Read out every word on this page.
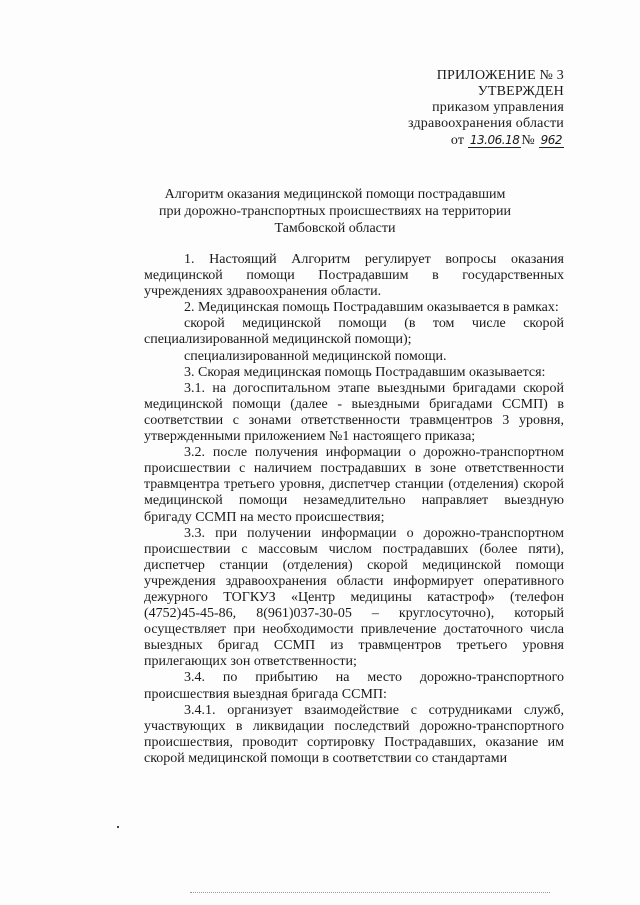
ПРИЛОЖЕНИЕ № 3
УТВЕРЖДЕН
приказом управления
здравоохранения области
от 13.06.18 № 962
Алгоритм оказания медицинской помощи пострадавшим
при дорожно-транспортных происшествиях на территории
Тамбовской области

1. Настоящий Алгоритм регулирует вопросы оказания медицинской помощи Пострадавшим в государственных учреждениях здравоохранения области.

2. Медицинская помощь Пострадавшим оказывается в рамках:

скорой медицинской помощи (в том числе скорой специализированной медицинской помощи);

специализированной медицинской помощи.

3. Скорая медицинская помощь Пострадавшим оказывается:

3.1. на догоспитальном этапе выездными бригадами скорой медицинской помощи (далее - выездными бригадами ССМП) в соответствии с зонами ответственности травмцентров 3 уровня, утвержденными приложением №1 настоящего приказа;

3.2. после получения информации о дорожно-транспортном происшествии с наличием пострадавших в зоне ответственности травмцентра третьего уровня, диспетчер станции (отделения) скорой медицинской помощи незамедлительно направляет выездную бригаду ССМП на место происшествия;

3.3. при получении информации о дорожно-транспортном происшествии с массовым числом пострадавших (более пяти), диспетчер станции (отделения) скорой медицинской помощи учреждения здравоохранения области информирует оперативного дежурного ТОГКУЗ «Центр медицины катастроф» (телефон (4752)45-45-86, 8(961)037-30-05 – круглосуточно), который осуществляет при необходимости привлечение достаточного числа выездных бригад ССМП из травмцентров третьего уровня прилегающих зон ответственности;

3.4. по прибытию на место дорожно-транспортного происшествия выездная бригада ССМП:

3.4.1. организует взаимодействие с сотрудниками служб, участвующих в ликвидации последствий дорожно-транспортного происшествия, проводит сортировку Пострадавших, оказание им скорой медицинской помощи в соответствии со стандартами
